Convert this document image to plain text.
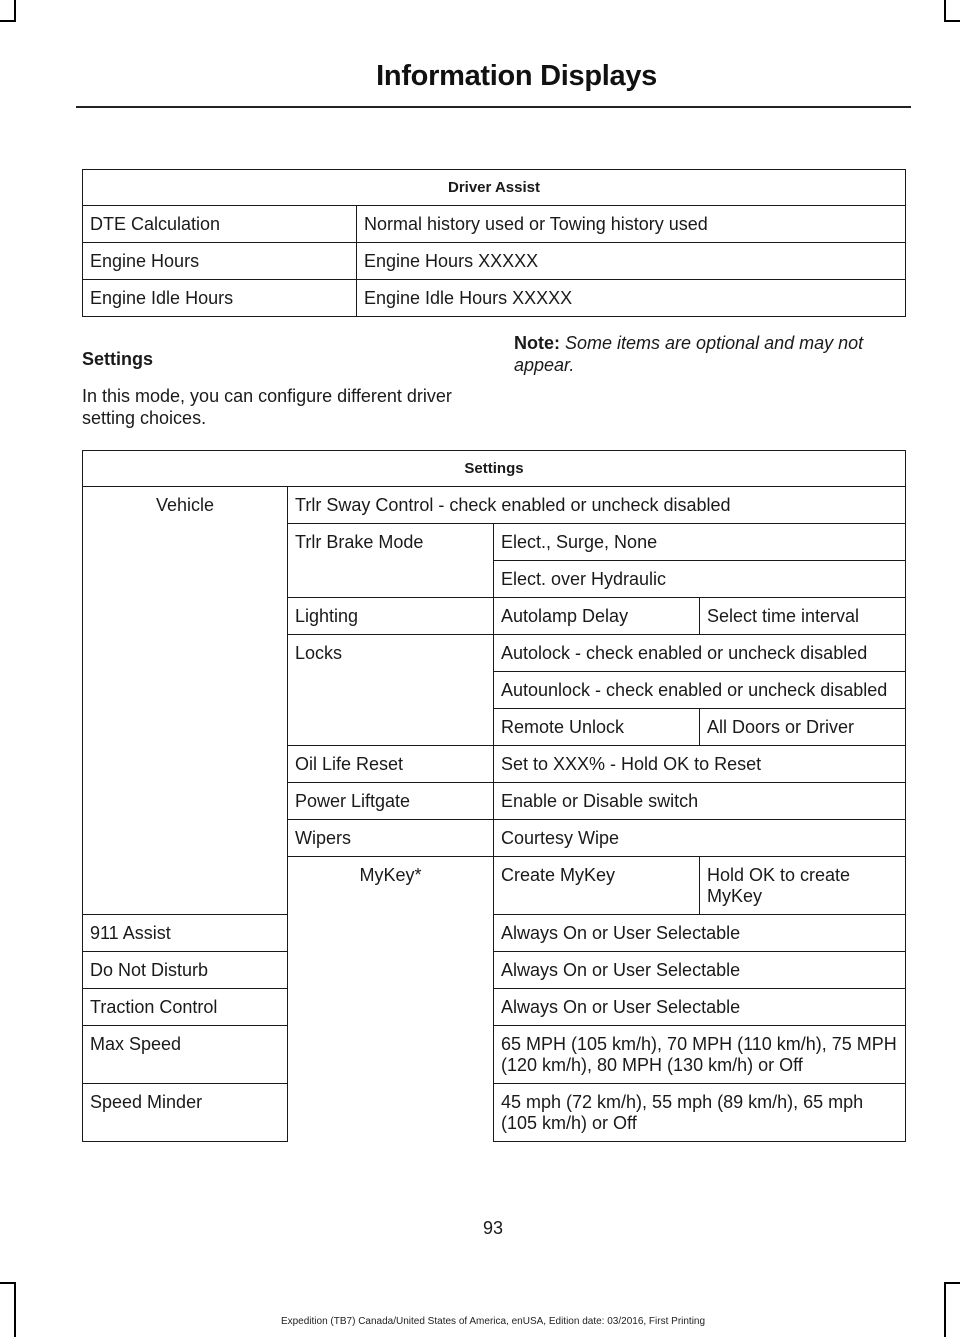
Information Displays
Driver Assist	
DTE Calculation	Normal history used or Towing history used
Engine Hours	Engine Hours XXXXX
Engine Idle Hours	Engine Idle Hours XXXXX
Settings
In this mode, you can configure different driver setting choices.
Note: Some items are optional and may not appear.
Settings			
Vehicle	Trlr Sway Control - check enabled or uncheck disabled		
	Trlr Brake Mode	Elect., Surge, None	
		Elect. over Hydraulic	
	Lighting	Autolamp Delay	Select time interval
	Locks	Autolock - check enabled or uncheck disabled	
		Autounlock - check enabled or uncheck disabled	
		Remote Unlock	All Doors or Driver
	Oil Life Reset	Set to XXX% - Hold OK to Reset	
	Power Liftgate	Enable or Disable switch	
	Wipers	Courtesy Wipe	
	MyKey*	Create MyKey	Hold OK to create MyKey
911 Assist		Always On or User Selectable	
Do Not Disturb		Always On or User Selectable	
Traction Control		Always On or User Selectable	
Max Speed		65 MPH (105 km/h), 70 MPH (110 km/h), 75 MPH (120 km/h), 80 MPH (130 km/h) or Off	
Speed Minder		45 mph (72 km/h), 55 mph (89 km/h), 65 mph (105 km/h) or Off	
93
Expedition (TB7) Canada/United States of America, enUSA, Edition date: 03/2016, First Printing
